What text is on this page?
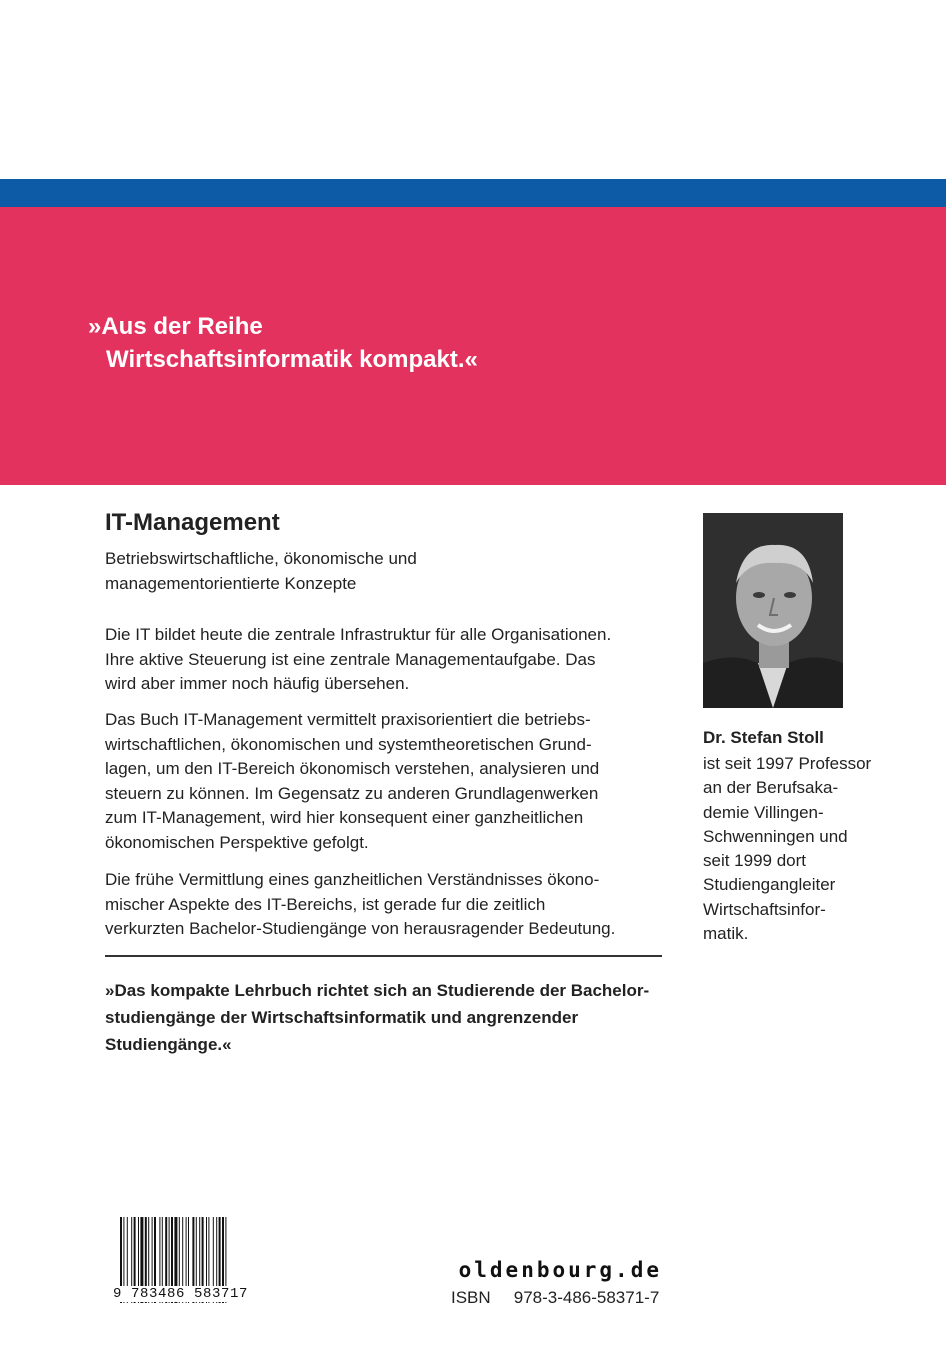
»Aus der Reihe
Wirtschaftsinformatik kompakt.«
IT-Management
Betriebswirtschaftliche, ökonomische und
managementorientierte Konzepte
Die IT bildet heute die zentrale Infrastruktur für alle Organisationen.
Ihre aktive Steuerung ist eine zentrale Managementaufgabe. Das
wird aber immer noch häufig übersehen.
Das Buch IT-Management vermittelt praxisorientiert die betriebs-
wirtschaftlichen, ökonomischen und systemtheoretischen Grund-
lagen, um den IT-Bereich ökonomisch verstehen, analysieren und
steuern zu können. Im Gegensatz zu anderen Grundlagenwerken
zum IT-Management, wird hier konsequent einer ganzheitlichen
ökonomischen Perspektive gefolgt.
Die frühe Vermittlung eines ganzheitlichen Verständnisses ökono-
mischer Aspekte des IT-Bereichs, ist gerade fur die zeitlich
verkurzten Bachelor-Studiengänge von herausragender Bedeutung.
»Das kompakte Lehrbuch richtet sich an Studierende der Bachelor-
studiengänge der Wirtschaftsinformatik und angrenzender
Studiengänge.«
Dr. Stefan Stoll
ist seit 1997 Professor
an der Berufsaka-
demie Villingen-
Schwenningen und
seit 1999 dort
Studiengangleiter
Wirtschaftsinfor-
matik.
9 783486 583717
oldenbourg.de
ISBN 978-3-486-58371-7
